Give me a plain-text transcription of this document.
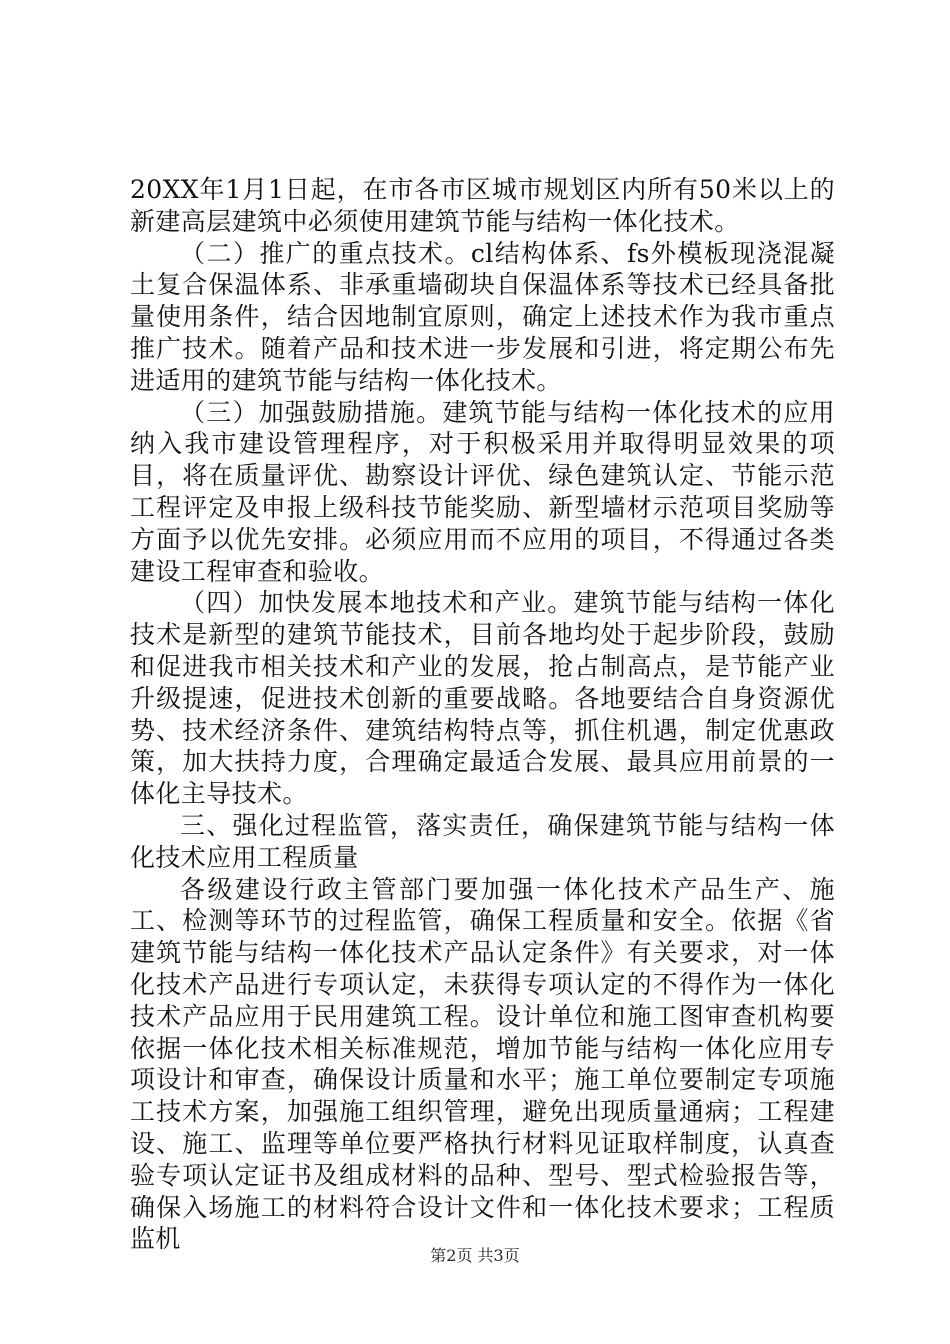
20XX年1月1日起，在市各市区城市规划区内所有50米以上的新建高层建筑中必须使用建筑节能与结构一体化技术。

（二）推广的重点技术。cl结构体系、fs外模板现浇混凝土复合保温体系、非承重墙砌块自保温体系等技术已经具备批量使用条件，结合因地制宜原则，确定上述技术作为我市重点推广技术。随着产品和技术进一步发展和引进，将定期公布先进适用的建筑节能与结构一体化技术。

（三）加强鼓励措施。建筑节能与结构一体化技术的应用纳入我市建设管理程序，对于积极采用并取得明显效果的项目，将在质量评优、勘察设计评优、绿色建筑认定、节能示范工程评定及申报上级科技节能奖励、新型墙材示范项目奖励等方面予以优先安排。必须应用而不应用的项目，不得通过各类建设工程审查和验收。

（四）加快发展本地技术和产业。建筑节能与结构一体化技术是新型的建筑节能技术，目前各地均处于起步阶段，鼓励和促进我市相关技术和产业的发展，抢占制高点，是节能产业升级提速，促进技术创新的重要战略。各地要结合自身资源优势、技术经济条件、建筑结构特点等，抓住机遇，制定优惠政策，加大扶持力度，合理确定最适合发展、最具应用前景的一体化主导技术。

三、强化过程监管，落实责任，确保建筑节能与结构一体化技术应用工程质量

各级建设行政主管部门要加强一体化技术产品生产、施工、检测等环节的过程监管，确保工程质量和安全。依据《省建筑节能与结构一体化技术产品认定条件》有关要求，对一体化技术产品进行专项认定，未获得专项认定的不得作为一体化技术产品应用于民用建筑工程。设计单位和施工图审查机构要依据一体化技术相关标准规范，增加节能与结构一体化应用专项设计和审查，确保设计质量和水平；施工单位要制定专项施工技术方案，加强施工组织管理，避免出现质量通病；工程建设、施工、监理等单位要严格执行材料见证取样制度，认真查验专项认定证书及组成材料的品种、型号、型式检验报告等，确保入场施工的材料符合设计文件和一体化技术要求；工程质监机

第2页 共3页
